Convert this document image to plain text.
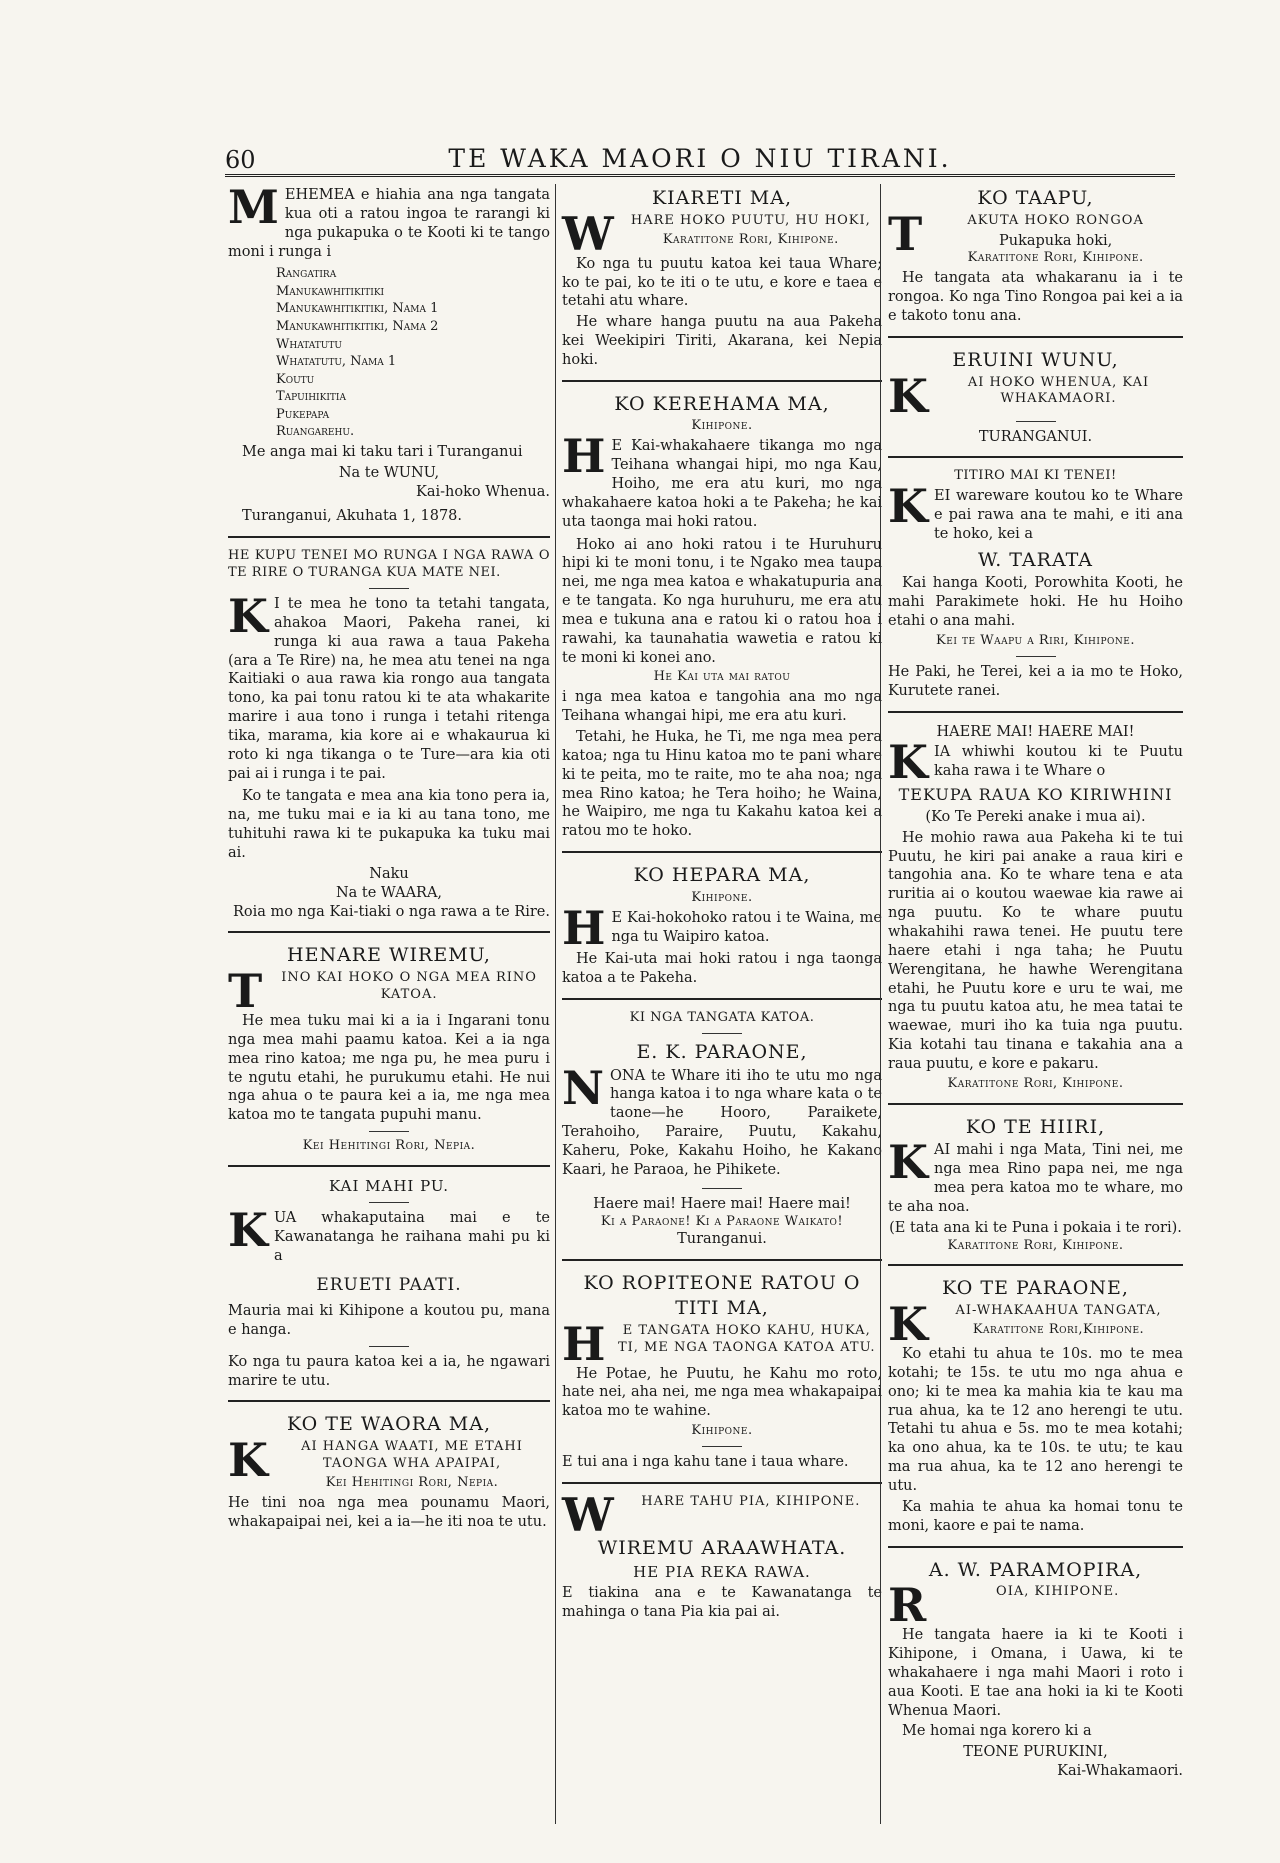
60	TE WAKA MAORI O NIU TIRANI.
M EHEMEA e hiahia ana nga tangata kua oti a ratou ingoa te rarangi ki nga pukapuka o te Kooti ki te tango moni i runga i
Rangatira
Manukawhitikitiki
Manukawhitikitiki, Nama 1
Manukawhitikitiki, Nama 2
Whatatutu
Whatatutu, Nama 1
Koutu
Tapuihikitia
Pukepapa
Ruangarehu.
Me anga mai ki taku tari i Turanganui
Na te WUNU,
Kai-hoko Whenua.
Turanganui, Akuhata 1, 1878.
HE KUPU TENEI MO RUNGA I NGA RAWA O TE RIRE O TURANGA KUA MATE NEI.
K I te mea he tono ta tetahi tangata, ahakoa Maori, Pakeha ranei, ki runga ki aua rawa a taua Pakeha (ara a Te Rire) na, he mea atu tenei na nga Kaitiaki o aua rawa kia rongo aua tangata tono, ka pai tonu ratou ki te ata whakarite marire i aua tono i runga i tetahi ritenga tika, marama, kia kore ai e whakaurua ki roto ki nga tikanga o te Ture—ara kia oti pai ai i runga i te pai.
Ko te tangata e mea ana kia tono pera ia, na, me tuku mai e ia ki au tana tono, me tuhituhi rawa ki te pukapuka ka tuku mai ai.
Naku
Na te WAARA,
Roia mo nga Kai-tiaki o nga rawa a te Rire.
HENARE WIREMU,
T	INO KAI HOKO O NGA MEA RINO KATOA.
He mea tuku mai ki a ia i Ingarani tonu nga mea mahi paamu katoa. Kei a ia nga mea rino katoa; me nga pu, he mea puru i te ngutu etahi, he purukumu etahi. He nui nga ahua o te paura kei a ia, me nga mea katoa mo te tangata pupuhi manu.
Kei Hehitingi Rori, Nepia.
KAI MAHI PU.
K UA whakaputaina mai e te Kawanatanga he raihana mahi pu ki a
ERUETI PAATI.
Mauria mai ki Kihipone a koutou pu, mana e hanga.
Ko nga tu paura katoa kei a ia, he ngawari marire te utu.
KO TE WAORA MA,
K	AI HANGA WAATI, ME ETAHI TAONGA WHA APAIPAI,
Kei Hehitingi Rori, Nepia.
He tini noa nga mea pounamu Maori, whakapaipai nei, kei a ia—he iti noa te utu.
KIARETI MA,
W	HARE HOKO PUUTU, HU HOKI,
Karatitone Rori, Kihipone.
Ko nga tu puutu katoa kei taua Whare; ko te pai, ko te iti o te utu, e kore e taea e tetahi atu whare.
He whare hanga puutu na aua Pakeha kei Weekipiri Tiriti, Akarana, kei Nepia hoki.
KO KEREHAMA MA,
Kihipone.
H E Kai-whakahaere tikanga mo nga Teihana whangai hipi, mo nga Kau, Hoiho, me era atu kuri, mo nga whakahaere katoa hoki a te Pakeha; he kai uta taonga mai hoki ratou.
Hoko ai ano hoki ratou i te Huruhuru hipi ki te moni tonu, i te Ngako mea taupa nei, me nga mea katoa e whakatupuria ana e te tangata. Ko nga huruhuru, me era atu mea e tukuna ana e ratou ki o ratou hoa i rawahi, ka taunahatia wawetia e ratou ki te moni ki konei ano.
He Kai uta mai ratou
i nga mea katoa e tangohia ana mo nga Teihana whangai hipi, me era atu kuri.
Tetahi, he Huka, he Ti, me nga mea pera katoa; nga tu Hinu katoa mo te pani whare ki te peita, mo te raite, mo te aha noa; nga mea Rino katoa; he Tera hoiho; he Waina, he Waipiro, me nga tu Kakahu katoa kei a ratou mo te hoko.
KO HEPARA MA,
Kihipone.
H E Kai-hokohoko ratou i te Waina, me nga tu Waipiro katoa.
He Kai-uta mai hoki ratou i nga taonga katoa a te Pakeha.
KI NGA TANGATA KATOA.
E. K. PARAONE,
N ONA te Whare iti iho te utu mo nga hanga katoa i to nga whare kata o te taone—he Hooro, Paraikete, Terahoiho, Paraire, Puutu, Kakahu, Kaheru, Poke, Kakahu Hoiho, he Kakano Kaari, he Paraoa, he Pihikete.
Haere mai! Haere mai! Haere mai!
Ki a Paraone! Ki a Paraone Waikato!
Turanganui.
KO ROPITEONE RATOU O TITI MA,
H	E TANGATA HOKO KAHU, HUKA, TI, ME NGA TAONGA KATOA ATU.
He Potae, he Puutu, he Kahu mo roto, hate nei, aha nei, me nga mea whakapaipai katoa mo te wahine.
Kihipone.
E tui ana i nga kahu tane i taua whare.
W	HARE TAHU PIA, KIHIPONE.
WIREMU ARAAWHATA.
HE PIA REKA RAWA.
E tiakina ana e te Kawanatanga te mahinga o tana Pia kia pai ai.
KO TAAPU,
T	AKUTA HOKO RONGOA
Pukapuka hoki,
Karatitone Rori, Kihipone.
He tangata ata whakaranu ia i te rongoa. Ko nga Tino Rongoa pai kei a ia e takoto tonu ana.
ERUINI WUNU,
K	AI HOKO WHENUA, KAI WHAKAMAORI.
TURANGANUI.
TITIRO MAI KI TENEI!
K EI wareware koutou ko te Whare e pai rawa ana te mahi, e iti ana te hoko, kei a
W. TARATA
Kai hanga Kooti, Porowhita Kooti, he mahi Parakimete hoki. He hu Hoiho etahi o ana mahi.
Kei te Waapu a Riri, Kihipone.
He Paki, he Terei, kei a ia mo te Hoko, Kurutete ranei.
HAERE MAI! HAERE MAI!
K IA whiwhi koutou ki te Puutu kaha rawa i te Whare o
TEKUPA RAUA KO KIRIWHINI
(Ko Te Pereki anake i mua ai).
He mohio rawa aua Pakeha ki te tui Puutu, he kiri pai anake a raua kiri e tangohia ana. Ko te whare tena e ata ruritia ai o koutou waewae kia rawe ai nga puutu. Ko te whare puutu whakahihi rawa tenei. He puutu tere haere etahi i nga taha; he Puutu Werengitana, he hawhe Werengitana etahi, he Puutu kore e uru te wai, me nga tu puutu katoa atu, he mea tatai te waewae, muri iho ka tuia nga puutu. Kia kotahi tau tinana e takahia ana a raua puutu, e kore e pakaru.
Karatitone Rori, Kihipone.
KO TE HIIRI,
K AI mahi i nga Mata, Tini nei, me nga mea Rino papa nei, me nga mea pera katoa mo te whare, mo te aha noa.
(E tata ana ki te Puna i pokaia i te rori).
Karatitone Rori, Kihipone.
KO TE PARAONE,
K	AI-WHAKAAHUA TANGATA,
Karatitone Rori,Kihipone.
Ko etahi tu ahua te 10s. mo te mea kotahi; te 15s. te utu mo nga ahua e ono; ki te mea ka mahia kia te kau ma rua ahua, ka te 12 ano herengi te utu. Tetahi tu ahua e 5s. mo te mea kotahi; ka ono ahua, ka te 10s. te utu; te kau ma rua ahua, ka te 12 ano herengi te utu.
Ka mahia te ahua ka homai tonu te moni, kaore e pai te nama.
A. W. PARAMOPIRA,
R	OIA, KIHIPONE.
He tangata haere ia ki te Kooti i Kihipone, i Omana, i Uawa, ki te whakahaere i nga mahi Maori i roto i aua Kooti. E tae ana hoki ia ki te Kooti Whenua Maori.
Me homai nga korero ki a
TEONE PURUKINI,
Kai-Whakamaori.
